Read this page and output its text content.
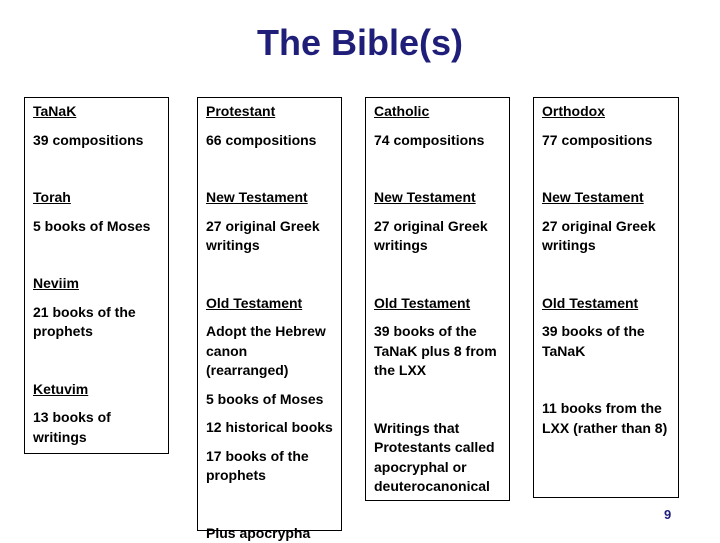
The Bible(s)
TaNaK
39 compositions
Torah
5 books of Moses
Neviim
21 books of the
prophets
Ketuvim
13 books of
writings
Protestant
66 compositions
New Testament
27 original Greek
writings
Old Testament
Adopt the Hebrew
canon (rearranged)
5 books of Moses
12 historical books
17 books of the
prophets
Plus apocrypha
Catholic
74 compositions
New Testament
27 original Greek
writings
Old Testament
39 books of the
TaNaK plus 8 from
the LXX
Writings that
Protestants called
apocryphal or
deuterocanonical
Orthodox
77 compositions
New Testament
27 original Greek
writings
Old Testament
39 books of the
TaNaK
11 books from the
LXX (rather than 8)
9
